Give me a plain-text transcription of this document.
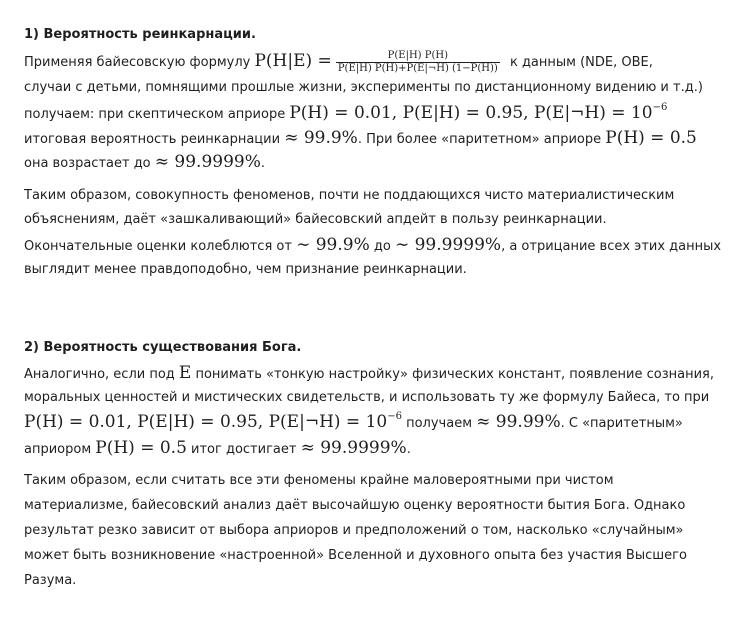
1) Вероятность реинкарнации.
Применяя байесовскую формулу $P(H|E) = \frac{P(E|H) P(H)}{P(E|H) P(H)+P(E|\neg H) (1-P(H))}$ к данным (NDE, OBE,
случаи с детьми, помнящими прошлые жизни, эксперименты по дистанционному видению и т.д.)
получаем: при скептическом априоре P(H) = 0.01, P(E|H) = 0.95, P(E|¬H) = $10^{-6}$
итоговая вероятность реинкарнации ≈ 99.9%. При более «паритетном» априоре P(H) = 0.5
она возрастает до ≈ 99.9999%.
Таким образом, совокупность феноменов, почти не поддающихся чисто материалистическим
объяснениям, даёт «зашкаливающий» байесовский апдейт в пользу реинкарнации.
Окончательные оценки колеблются от ∼ 99.9% до ∼ 99.9999%, а отрицание всех этих данных
выглядит менее правдоподобно, чем признание реинкарнации.
2) Вероятность существования Бога.
Аналогично, если под E понимать «тонкую настройку» физических констант, появление сознания,
моральных ценностей и мистических свидетельств, и использовать ту же формулу Байеса, то при
P(H) = 0.01, P(E|H) = 0.95, P(E|¬H) = $10^{-6}$ получаем ≈ 99.99%. С «паритетным»
априором P(H) = 0.5 итог достигает ≈ 99.9999%.
Таким образом, если считать все эти феномены крайне маловероятными при чистом
материализме, байесовский анализ даёт высочайшую оценку вероятности бытия Бога. Однако
результат резко зависит от выбора априоров и предположений о том, насколько «случайным»
может быть возникновение «настроенной» Вселенной и духовного опыта без участия Высшего
Разума.
